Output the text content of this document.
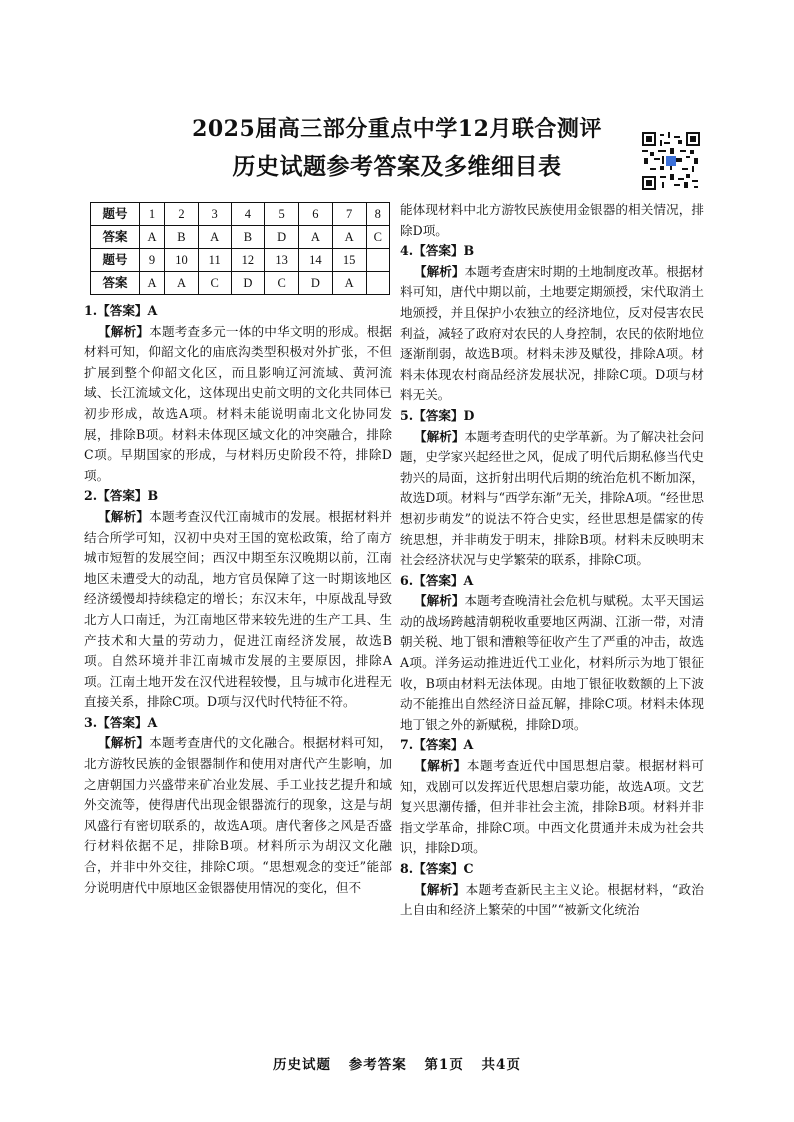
2025届高三部分重点中学12月联合测评
历史试题参考答案及多维细目表
题号	1	2	3	4	5	6	7	8
答案	A	B	A	B	D	A	A	C
题号	9	10	11	12	13	14	15	
答案	A	A	C	D	C	D	A	

1.【答案】A

【解析】本题考查多元一体的中华文明的形成。根据材料可知，仰韶文化的庙底沟类型积极对外扩张，不但扩展到整个仰韶文化区，而且影响辽河流域、黄河流域、长江流域文化，这体现出史前文明的文化共同体已初步形成，故选A项。材料未能说明南北文化协同发展，排除B项。材料未体现区域文化的冲突融合，排除C项。早期国家的形成，与材料历史阶段不符，排除D项。

2.【答案】B

【解析】本题考查汉代江南城市的发展。根据材料并结合所学可知，汉初中央对王国的宽松政策，给了南方城市短暂的发展空间；西汉中期至东汉晚期以前，江南地区未遭受大的动乱，地方官员保障了这一时期该地区经济缓慢却持续稳定的增长；东汉末年，中原战乱导致北方人口南迁，为江南地区带来较先进的生产工具、生产技术和大量的劳动力，促进江南经济发展，故选B项。自然环境并非江南城市发展的主要原因，排除A项。江南土地开发在汉代进程较慢，且与城市化进程无直接关系，排除C项。D项与汉代时代特征不符。

3.【答案】A

【解析】本题考查唐代的文化融合。根据材料可知，北方游牧民族的金银器制作和使用对唐代产生影响，加之唐朝国力兴盛带来矿冶业发展、手工业技艺提升和域外交流等，使得唐代出现金银器流行的现象，这是与胡风盛行有密切联系的，故选A项。唐代奢侈之风是否盛行材料依据不足，排除B项。材料所示为胡汉文化融合，并非中外交往，排除C项。“思想观念的变迁”能部分说明唐代中原地区金银器使用情况的变化，但不

能体现材料中北方游牧民族使用金银器的相关情况，排除D项。

4.【答案】B

【解析】本题考查唐宋时期的土地制度改革。根据材料可知，唐代中期以前，土地要定期颁授，宋代取消土地颁授，并且保护小农独立的经济地位，反对侵害农民利益，减轻了政府对农民的人身控制，农民的依附地位逐渐削弱，故选B项。材料未涉及赋役，排除A项。材料未体现农村商品经济发展状况，排除C项。D项与材料无关。

5.【答案】D

【解析】本题考查明代的史学革新。为了解决社会问题，史学家兴起经世之风，促成了明代后期私修当代史勃兴的局面，这折射出明代后期的统治危机不断加深，故选D项。材料与“西学东渐”无关，排除A项。“经世思想初步萌发”的说法不符合史实，经世思想是儒家的传统思想，并非萌发于明末，排除B项。材料未反映明末社会经济状况与史学繁荣的联系，排除C项。

6.【答案】A

【解析】本题考查晚清社会危机与赋税。太平天国运动的战场跨越清朝税收重要地区两湖、江浙一带，对清朝关税、地丁银和漕粮等征收产生了严重的冲击，故选A项。洋务运动推进近代工业化，材料所示为地丁银征收，B项由材料无法体现。由地丁银征收数额的上下波动不能推出自然经济日益瓦解，排除C项。材料未体现地丁银之外的新赋税，排除D项。

7.【答案】A

【解析】本题考查近代中国思想启蒙。根据材料可知，戏剧可以发挥近代思想启蒙功能，故选A项。文艺复兴思潮传播，但并非社会主流，排除B项。材料并非指文学革命，排除C项。中西文化贯通并未成为社会共识，排除D项。

8.【答案】C

【解析】本题考查新民主主义论。根据材料，“政治上自由和经济上繁荣的中国”“被新文化统治

历史试题 参考答案 第1页 共4页
